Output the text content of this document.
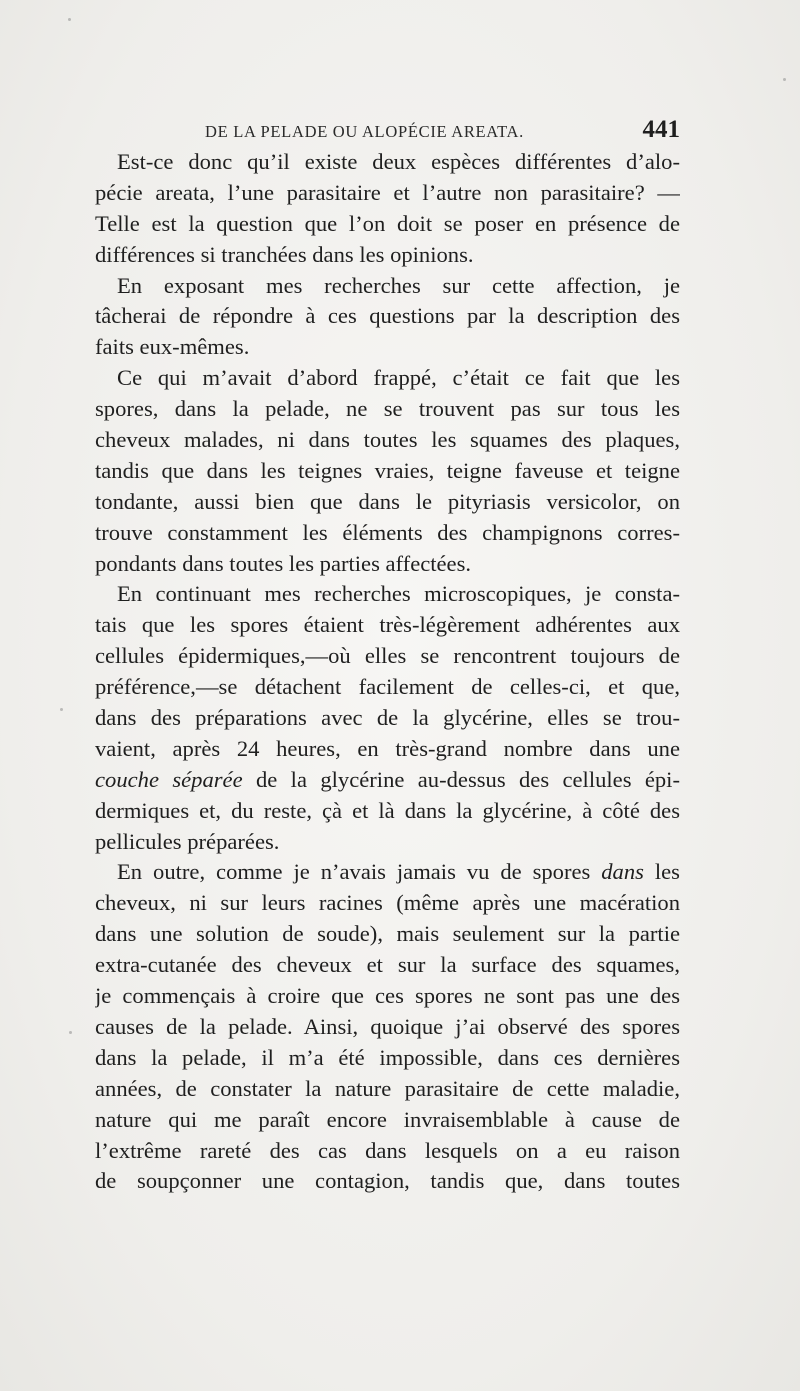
DE LA PELADE OU ALOPÉCIE AREATA.	441
Est-ce donc qu’il existe deux espèces différentes d’alo-
pécie areata, l’une parasitaire et l’autre non parasitaire? —
Telle est la question que l’on doit se poser en présence de
différences si tranchées dans les opinions.
En exposant mes recherches sur cette affection, je
tâcherai de répondre à ces questions par la description des
faits eux-mêmes.
Ce qui m’avait d’abord frappé, c’était ce fait que les
spores, dans la pelade, ne se trouvent pas sur tous les
cheveux malades, ni dans toutes les squames des plaques,
tandis que dans les teignes vraies, teigne faveuse et teigne
tondante, aussi bien que dans le pityriasis versicolor, on
trouve constamment les éléments des champignons corres-
pondants dans toutes les parties affectées.
En continuant mes recherches microscopiques, je consta-
tais que les spores étaient très-légèrement adhérentes aux
cellules épidermiques,—où elles se rencontrent toujours de
préférence,—se détachent facilement de celles-ci, et que,
dans des préparations avec de la glycérine, elles se trou-
vaient, après 24 heures, en très-grand nombre dans une
couche séparée de la glycérine au-dessus des cellules épi-
dermiques et, du reste, çà et là dans la glycérine, à côté des
pellicules préparées.
En outre, comme je n’avais jamais vu de spores dans les
cheveux, ni sur leurs racines (même après une macération
dans une solution de soude), mais seulement sur la partie
extra-cutanée des cheveux et sur la surface des squames,
je commençais à croire que ces spores ne sont pas une des
causes de la pelade. Ainsi, quoique j’ai observé des spores
dans la pelade, il m’a été impossible, dans ces dernières
années, de constater la nature parasitaire de cette maladie,
nature qui me paraît encore invraisemblable à cause de
l’extrême rareté des cas dans lesquels on a eu raison
de soupçonner une contagion, tandis que, dans toutes
